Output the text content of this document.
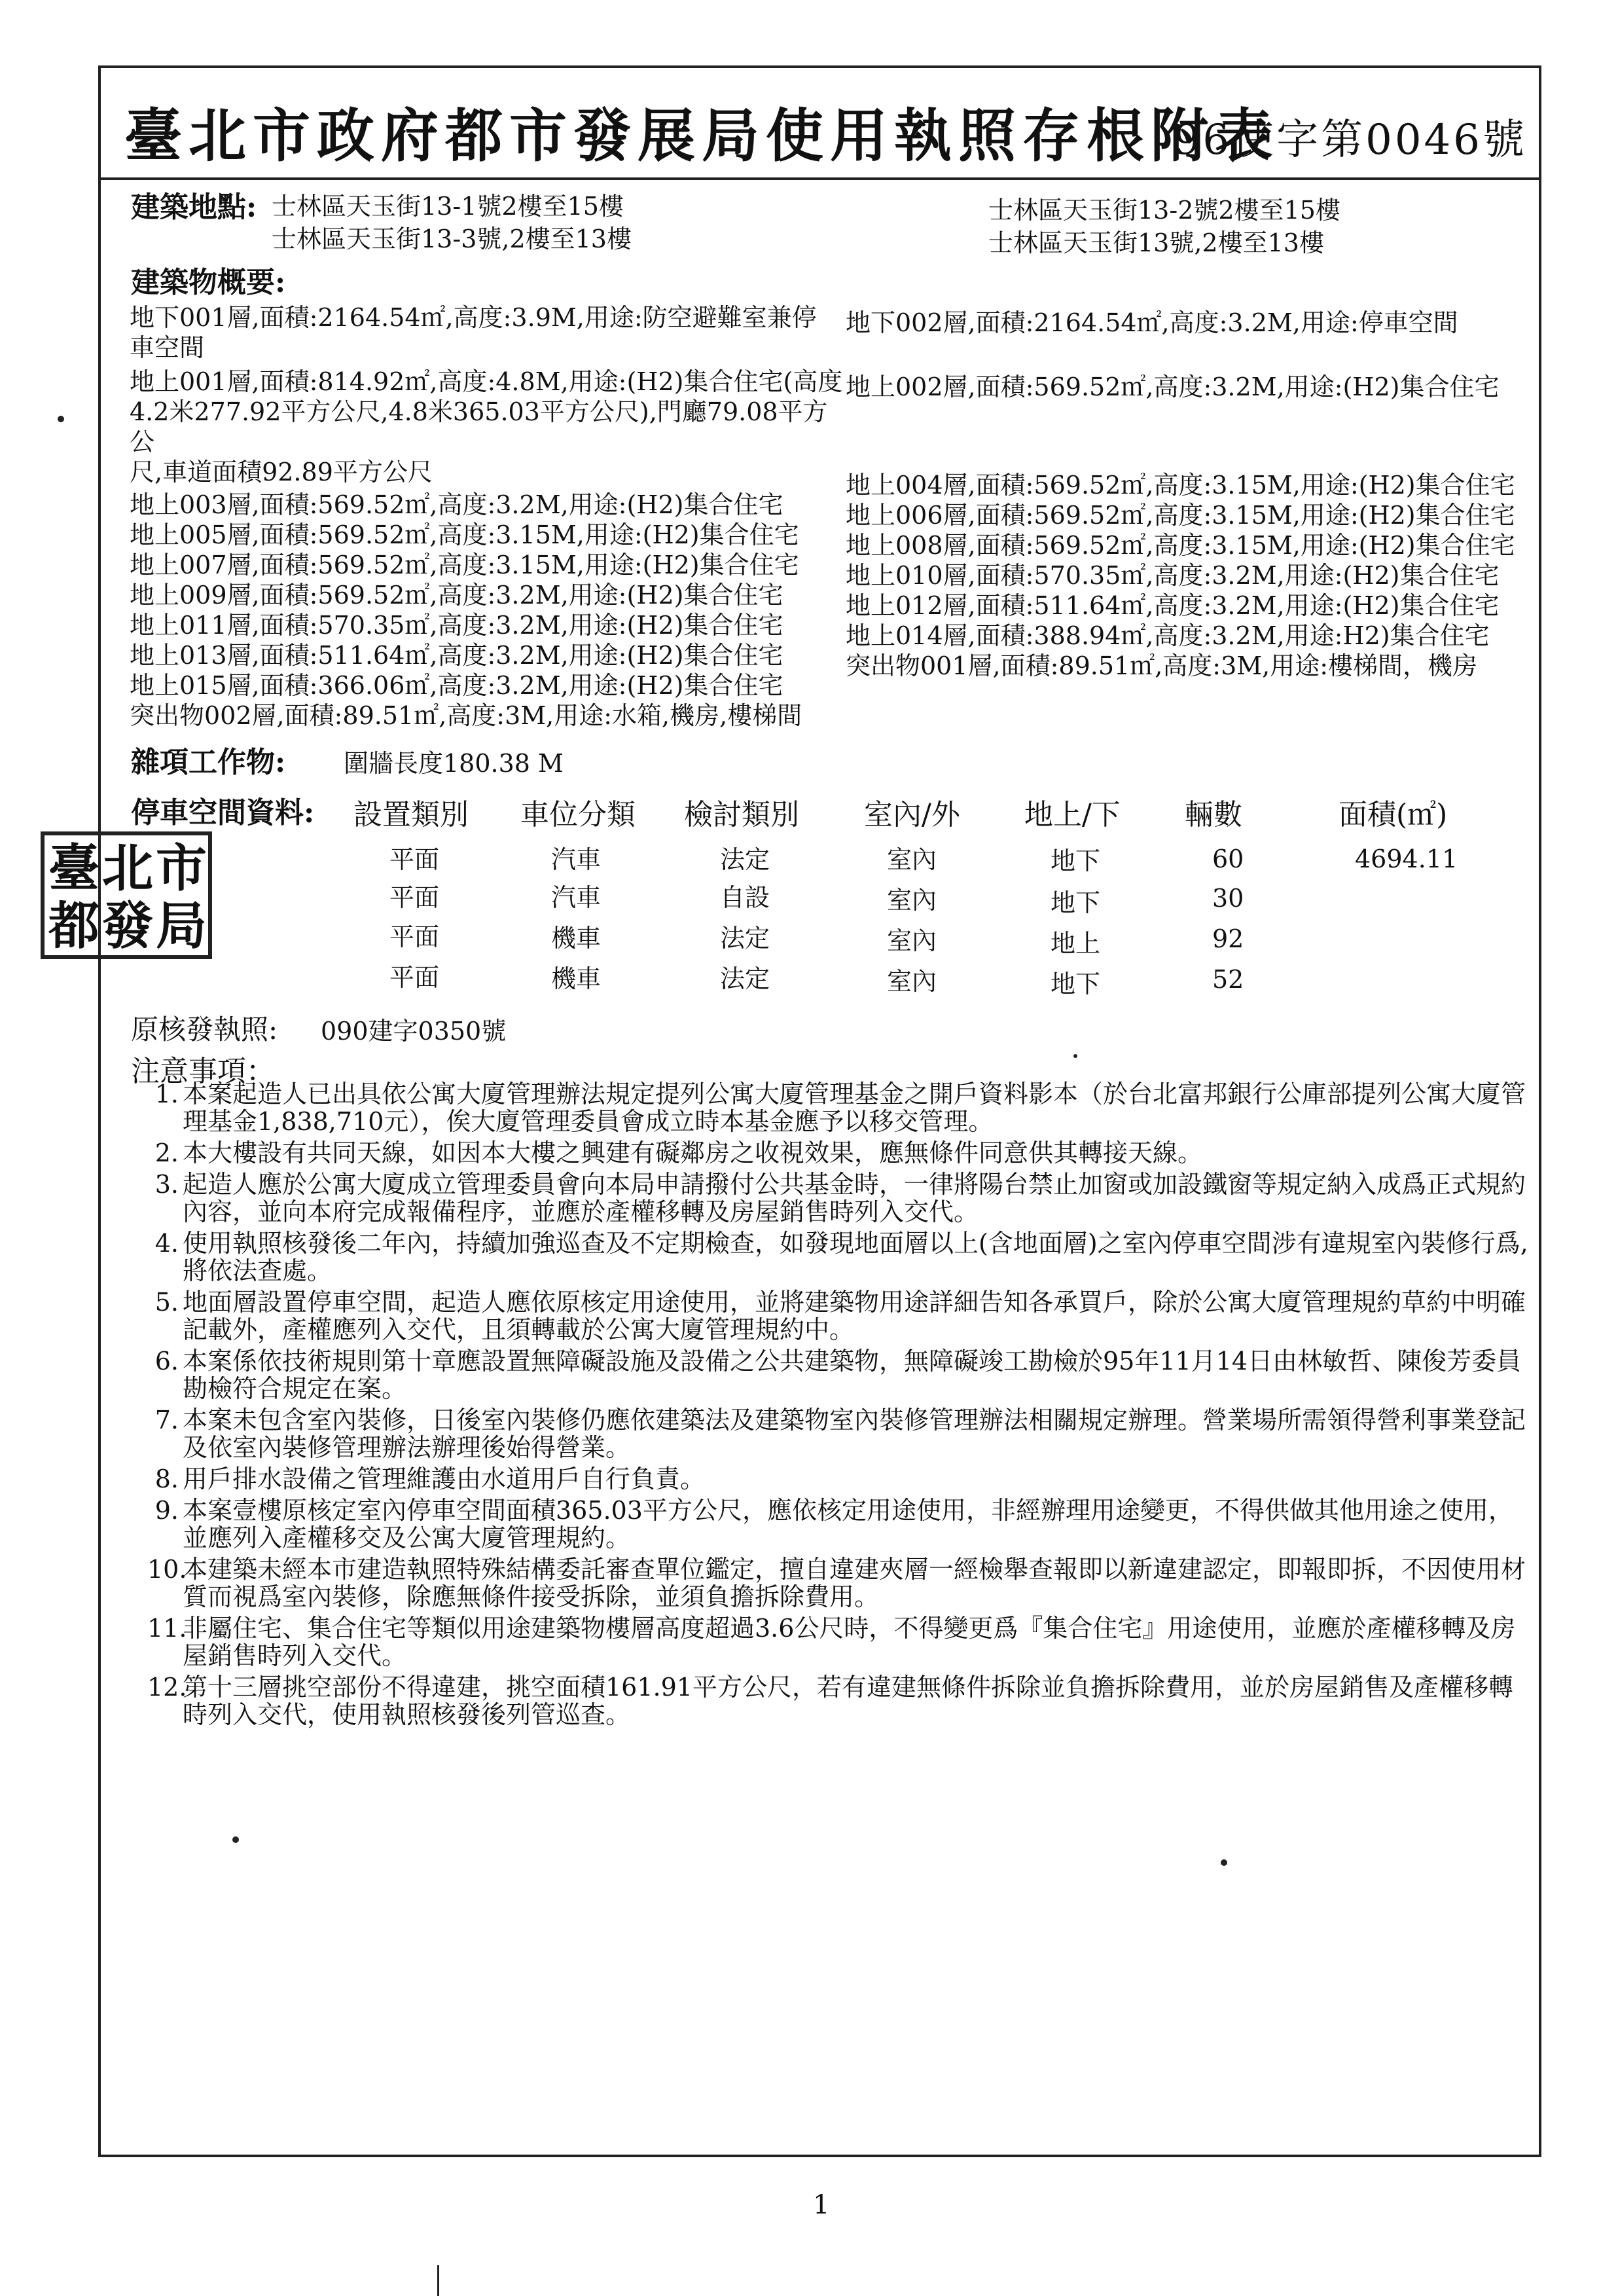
臺北市政府都市發展局使用執照存根附表
96使字第0046號
建築地點: 士林區天玉街13-1號2樓至15樓
士林區天玉街13-3號,2樓至13樓
士林區天玉街13-2號2樓至15樓
士林區天玉街13號,2樓至13樓
建築物概要:
地下001層,面積:2164.54㎡,高度:3.9M,用途:防空避難室兼停
車空間
地上001層,面積:814.92㎡,高度:4.8M,用途:(H2)集合住宅(高度
4.2米277.92平方公尺,4.8米365.03平方公尺),門廳79.08平方公
尺,車道面積92.89平方公尺
地上003層,面積:569.52㎡,高度:3.2M,用途:(H2)集合住宅
地上005層,面積:569.52㎡,高度:3.15M,用途:(H2)集合住宅
地上007層,面積:569.52㎡,高度:3.15M,用途:(H2)集合住宅
地上009層,面積:569.52㎡,高度:3.2M,用途:(H2)集合住宅
地上011層,面積:570.35㎡,高度:3.2M,用途:(H2)集合住宅
地上013層,面積:511.64㎡,高度:3.2M,用途:(H2)集合住宅
地上015層,面積:366.06㎡,高度:3.2M,用途:(H2)集合住宅
突出物002層,面積:89.51㎡,高度:3M,用途:水箱,機房,樓梯間
地下002層,面積:2164.54㎡,高度:3.2M,用途:停車空間
地上002層,面積:569.52㎡,高度:3.2M,用途:(H2)集合住宅
地上004層,面積:569.52㎡,高度:3.15M,用途:(H2)集合住宅
地上006層,面積:569.52㎡,高度:3.15M,用途:(H2)集合住宅
地上008層,面積:569.52㎡,高度:3.15M,用途:(H2)集合住宅
地上010層,面積:570.35㎡,高度:3.2M,用途:(H2)集合住宅
地上012層,面積:511.64㎡,高度:3.2M,用途:(H2)集合住宅
地上014層,面積:388.94㎡,高度:3.2M,用途:H2)集合住宅
突出物001層,面積:89.51㎡,高度:3M,用途:樓梯間，機房
雜項工作物: 圍牆長度180.38 M
停車空間資料: 設置類別 車位分類 檢討類別 室內/外 地上/下 輛數	面積(㎡)
平面	汽車	法定	室內	地下	60	4694.11
平面	汽車	自設	室內	地下	30
平面	機車	法定	室內	地上	92
平面	機車	法定	室內	地下	52
臺 北 市
都 發 局
原核發執照: 090建字0350號
注意事項：
1. 本案起造人已出具依公寓大廈管理辦法規定提列公寓大廈管理基金之開戶資料影本（於台北富邦銀行公庫部提列公寓大廈管理基金1,838,710元），俟大廈管理委員會成立時本基金應予以移交管理。
2. 本大樓設有共同天線，如因本大樓之興建有礙鄰房之收視效果，應無條件同意供其轉接天線。
3. 起造人應於公寓大廈成立管理委員會向本局申請撥付公共基金時，一律將陽台禁止加窗或加設鐵窗等規定納入成爲正式規約內容，並向本府完成報備程序，並應於產權移轉及房屋銷售時列入交代。
4. 使用執照核發後二年內，持續加強巡查及不定期檢查，如發現地面層以上(含地面層)之室內停車空間涉有違規室內裝修行爲,將依法查處。
5. 地面層設置停車空間，起造人應依原核定用途使用，並將建築物用途詳細告知各承買戶，除於公寓大廈管理規約草約中明確記載外，產權應列入交代，且須轉載於公寓大廈管理規約中。
6. 本案係依技術規則第十章應設置無障礙設施及設備之公共建築物，無障礙竣工勘檢於95年11月14日由林敏哲、陳俊芳委員勘檢符合規定在案。
7. 本案未包含室內裝修，日後室內裝修仍應依建築法及建築物室內裝修管理辦法相關規定辦理。營業場所需領得營利事業登記及依室內裝修管理辦法辦理後始得營業。
8. 用戶排水設備之管理維護由水道用戶自行負責。
9. 本案壹樓原核定室內停車空間面積365.03平方公尺，應依核定用途使用，非經辦理用途變更，不得供做其他用途之使用，並應列入產權移交及公寓大廈管理規約。
10.
本建築未經本市建造執照特殊結構委託審查單位鑑定，擅自違建夾層一經檢舉查報即以新違建認定，即報即拆，不因使用材質而視爲室內裝修，除應無條件接受拆除，並須負擔拆除費用。
11.
非屬住宅、集合住宅等類似用途建築物樓層高度超過3.6公尺時，不得變更爲『集合住宅』用途使用，並應於產權移轉及房屋銷售時列入交代。
12.
第十三層挑空部份不得違建，挑空面積161.91平方公尺，若有違建無條件拆除並負擔拆除費用，並於房屋銷售及產權移轉時列入交代，使用執照核發後列管巡查。
1
